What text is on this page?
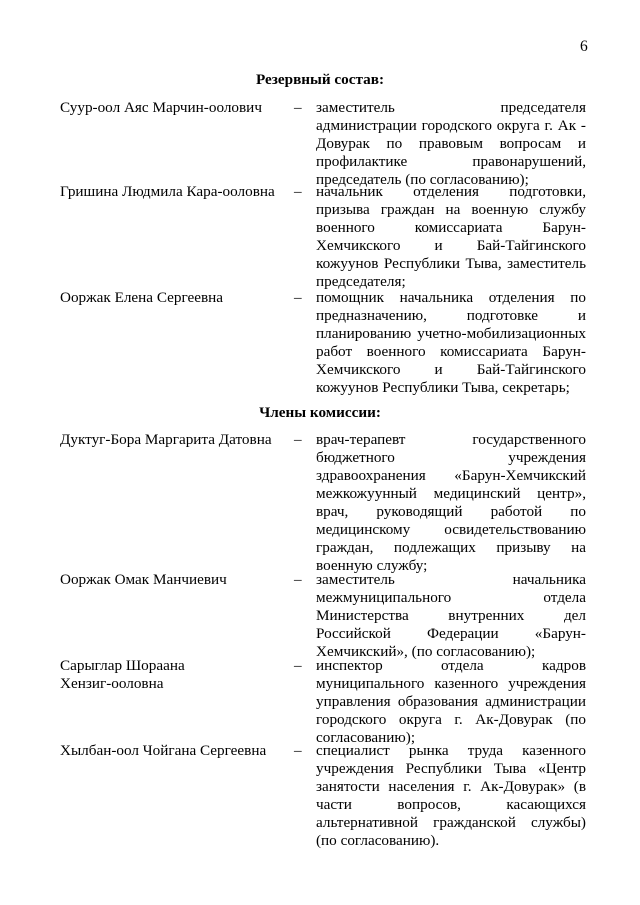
6
Резервный состав:
Суур-оол Аяс Марчин-оолович	– заместитель председателя
администрации городского округа г. Ак -
Довурак по правовым вопросам и
профилактике правонарушений,
председатель (по согласованию);
Гришина Людмила Кара-ооловна	– начальник отделения подготовки,
призыва граждан на военную службу
военного комиссариата Барун-
Хемчикского и Бай-Тайгинского
кожуунов Республики Тыва, заместитель
председателя;
Ооржак Елена Сергеевна	– помощник начальника отделения по
предназначению, подготовке и
планированию учетно-мобилизационных
работ военного комиссариата Барун-
Хемчикского и Бай-Тайгинского
кожуунов Республики Тыва, секретарь;
Члены комиссии:
Дуктуг-Бора Маргарита Датовна	– врач-терапевт государственного
бюджетного учреждения
здравоохранения «Барун-Хемчикский
межкожуунный медицинский центр»,
врач, руководящий работой по
медицинскому освидетельствованию
граждан, подлежащих призыву на
военную службу;
Ооржак Омак Манчиевич	– заместитель начальника
межмуниципального отдела
Министерства внутренних дел
Российской Федерации «Барун-
Хемчикский», (по согласованию);
Сарыглар Шораана Хензиг-ооловна
– инспектор отдела кадров
муниципального казенного учреждения
управления образования администрации
городского округа г. Ак-Довурак (по
согласованию);
Хылбан-оол Чойгана Сергеевна	– специалист рынка труда казенного
учреждения Республики Тыва «Центр
занятости населения г. Ак-Довурак» (в
части вопросов, касающихся
альтернативной гражданской службы)
(по согласованию).
